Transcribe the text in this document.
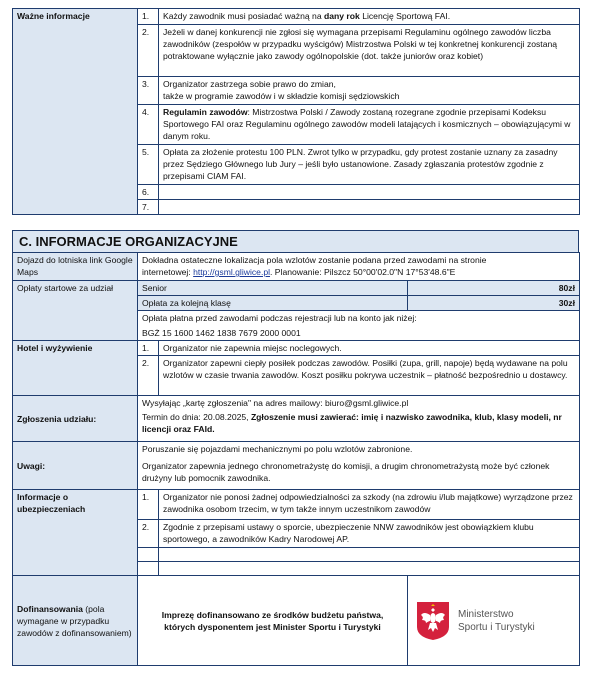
Ważne informacje	1.	Każdy zawodnik musi posiadać ważną na dany rok Licencję Sportową FAI.
	2.	Jeżeli w danej konkurencji nie zgłosi się wymagana przepisami Regulaminu ogólnego zawodów liczba zawodników (zespołów w przypadku wyścigów) Mistrzostwa Polski w tej konkretnej konkurencji zostaną potraktowane wyłącznie jako zawody ogólnopolskie (dot. także juniorów oraz kobiet)
	3.	Organizator zastrzega sobie prawo do zmian,
także w programie zawodów i w składzie komisji sędziowskich

	4.	Regulamin zawodów: Mistrzostwa Polski / Zawody zostaną rozegrane zgodnie przepisami Kodeksu Sportowego FAI oraz Regulaminu ogólnego zawodów modeli latających i kosmicznych – obowiązującymi w danym roku.
	5.	Opłata za złożenie protestu 100 PLN. Zwrot tylko w przypadku, gdy protest zostanie uznany za zasadny przez Sędziego Głównego lub Jury – jeśli było ustanowione. Zasady zgłaszania protestów zgodnie z przepisami CIAM FAI.
	6.	
	7.	
C. INFORMACJE ORGANIZACYJNE
Dojazd do lotniska link Google Maps	Dokładna ostateczne lokalizacja pola wzlotów zostanie podana przed zawodami na stronie
internetowej: http://gsml.gliwice.pl. Planowanie: Pilszcz 50°00'02.0"N 17°53'48.6"E		

Opłaty startowe za udział	Senior		80zł
	Opłata za kolejną klasę		30zł

	Opłata płatna przed zawodami podczas rejestracji lub na konto jak niżej:
BGŻ 15 1600 1462 1838 7679 2000 0001		

Hotel i wyżywienie	1.	Organizator nie zapewnia miejsc noclegowych.	
	2.	Organizator zapewni ciepły posiłek podczas zawodów. Posiłki (zupa, grill, napoje) będą wydawane na polu wzlotów w czasie trwania zawodów. Koszt posiłku pokrywa uczestnik – płatność bezpośrednio u dostawcy.	
Zgłoszenia udziału:	Wysyłając „kartę zgłoszenia" na adres mailowy: biuro@gsml.gliwice.pl
Termin do dnia: 20.08.2025, Zgłoszenie musi zawierać: imię i nazwisko zawodnika, klub, klasy modeli, nr licencji oraz FAId.		

Uwagi:	Poruszanie się pojazdami mechanicznymi po polu wzlotów zabronione.
Organizator zapewnia jednego chronometrażystę do komisji, a drugim chronometrażystą może być członek drużyny lub pomocnik zawodnika.		

Informacje o ubezpieczeniach	1.	Organizator nie ponosi żadnej odpowiedzialności za szkody (na zdrowiu i/lub majątkowe) wyrządzone przez zawodnika osobom trzecim, w tym także innym uczestnikom zawodów	
	2.	Zgodnie z przepisami ustawy o sporcie, ubezpieczenie NNW zawodników jest obowiązkiem klubu sportowego, a zawodników Kadry Narodowej AP.	

Dofinansowania (pola wymagane w przypadku zawodów z dofinansowaniem)	Imprezę dofinansowano ze środków budżetu państwa, których dysponentem jest Minister Sportu i Turystyki		Ministerstwo
Sportu i Turystyki
